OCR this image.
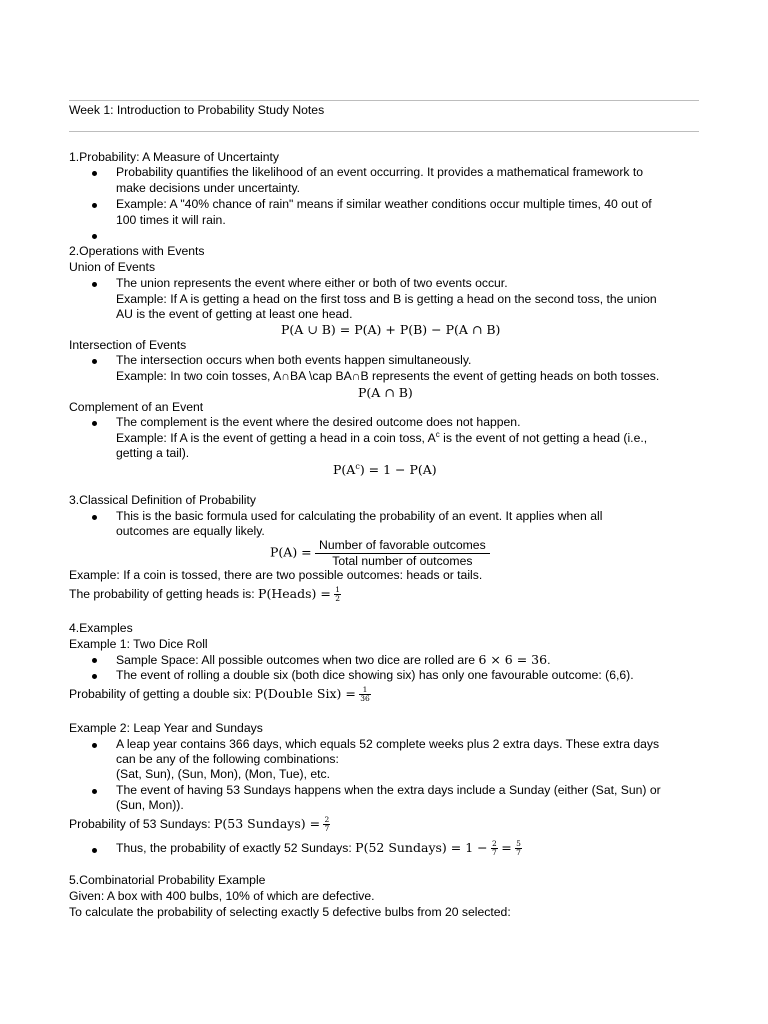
Week 1: Introduction to Probability Study Notes
1.Probability: A Measure of Uncertainty
Probability quantifies the likelihood of an event occurring. It provides a mathematical framework to
make decisions under uncertainty.
Example: A "40% chance of rain" means if similar weather conditions occur multiple times, 40 out of
100 times it will rain.
2.Operations with Events
Union of Events
The union represents the event where either or both of two events occur.
Example: If A is getting a head on the first toss and B is getting a head on the second toss, the union
AU is the event of getting at least one head.
P(A ∪ B) = P(A) + P(B) − P(A ∩ B)
Intersection of Events
The intersection occurs when both events happen simultaneously.
Example: In two coin tosses, A∩BA \cap BA∩B represents the event of getting heads on both tosses.
P(A ∩ B)
Complement of an Event
The complement is the event where the desired outcome does not happen.
Example: If A is the event of getting a head in a coin toss, $A^c$ is the event of not getting a head (i.e.,
getting a tail).
$P(A^c) = 1 - P(A)$
3.Classical Definition of Probability
This is the basic formula used for calculating the probability of an event. It applies when all
outcomes are equally likely.
$P(A) = \frac{\text{Number of favorable outcomes}}{\text{Total number of outcomes}}$
Example: If a coin is tossed, there are two possible outcomes: heads or tails.
The probability of getting heads is: P(Heads) = $\frac{1}{2}$
4.Examples
Example 1: Two Dice Roll
Sample Space: All possible outcomes when two dice are rolled are 6 × 6 = 36.
The event of rolling a double six (both dice showing six) has only one favourable outcome: (6,6).
Probability of getting a double six: P(Double $Six) = \frac{1}{36}$
Example 2: Leap Year and Sundays
A leap year contains 366 days, which equals 52 complete weeks plus 2 extra days. These extra days
can be any of the following combinations:
(Sat, Sun), (Sun, Mon), (Mon, Tue), etc.
The event of having 53 Sundays happens when the extra days include a Sunday (either (Sat, Sun) or
(Sun, Mon)).
Probability of 53 Sundays: P(53 Sundays) = $\frac{2}{7}$
Thus, the probability of exactly 52 Sundays: P(52 Sundays) = $1 - \frac{2}{7} = \frac{5}{7}$
5.Combinatorial Probability Example
Given: A box with 400 bulbs, 10% of which are defective.
To calculate the probability of selecting exactly 5 defective bulbs from 20 selected:
